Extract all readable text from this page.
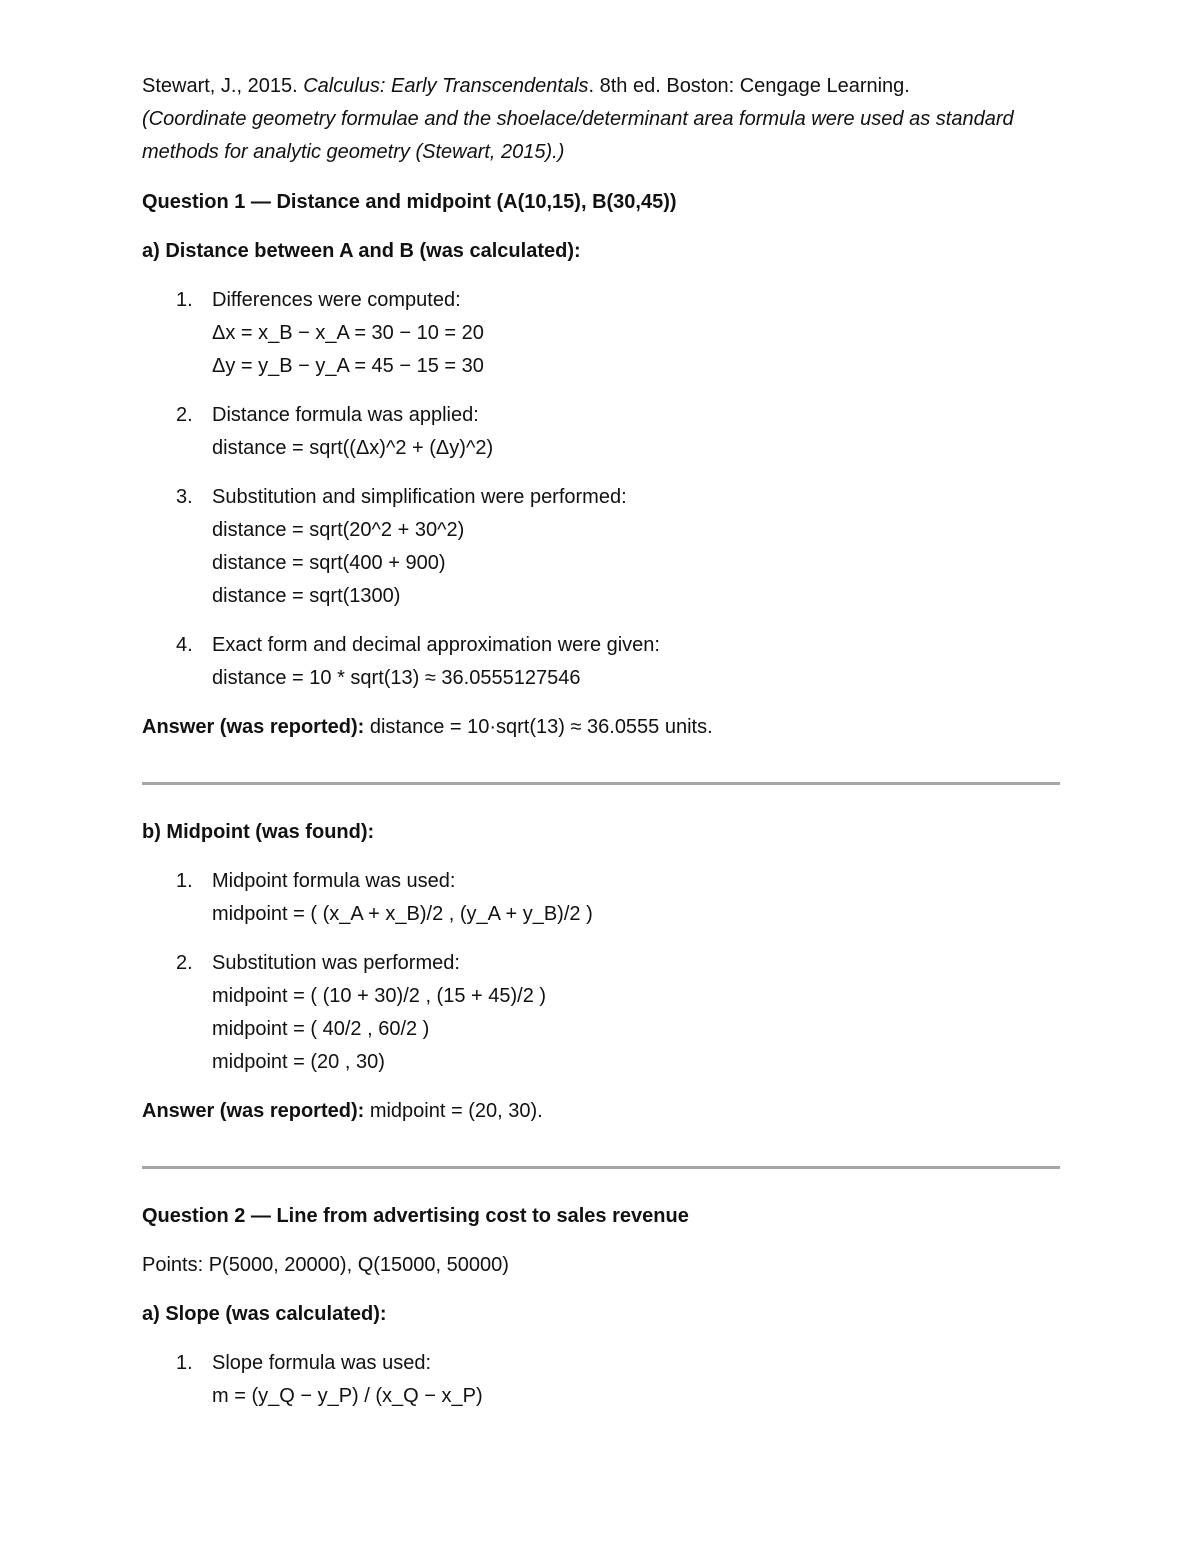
Stewart, J., 2015. Calculus: Early Transcendentals. 8th ed. Boston: Cengage Learning.
(Coordinate geometry formulae and the shoelace/determinant area formula were used as standard methods for analytic geometry (Stewart, 2015).)

Question 1 — Distance and midpoint (A(10,15), B(30,45))

a) Distance between A and B (was calculated):

1. Differences were computed:
Δx = x_B − x_A = 30 − 10 = 20
Δy = y_B − y_A = 45 − 15 = 30
2. Distance formula was applied:
distance = sqrt((Δx)^2 + (Δy)^2)
3. Substitution and simplification were performed:
distance = sqrt(20^2 + 30^2)
distance = sqrt(400 + 900)
distance = sqrt(1300)
4. Exact form and decimal approximation were given:
distance = 10 * sqrt(13) ≈ 36.0555127546

Answer (was reported): distance = 10·sqrt(13) ≈ 36.0555 units.

b) Midpoint (was found):

1. Midpoint formula was used:
midpoint = ( (x_A + x_B)/2 , (y_A + y_B)/2 )
2. Substitution was performed:
midpoint = ( (10 + 30)/2 , (15 + 45)/2 )
midpoint = ( 40/2 , 60/2 )
midpoint = (20 , 30)

Answer (was reported): midpoint = (20, 30).

Question 2 — Line from advertising cost to sales revenue

Points: P(5000, 20000), Q(15000, 50000)

a) Slope (was calculated):

1. Slope formula was used:
m = (y_Q − y_P) / (x_Q − x_P)
